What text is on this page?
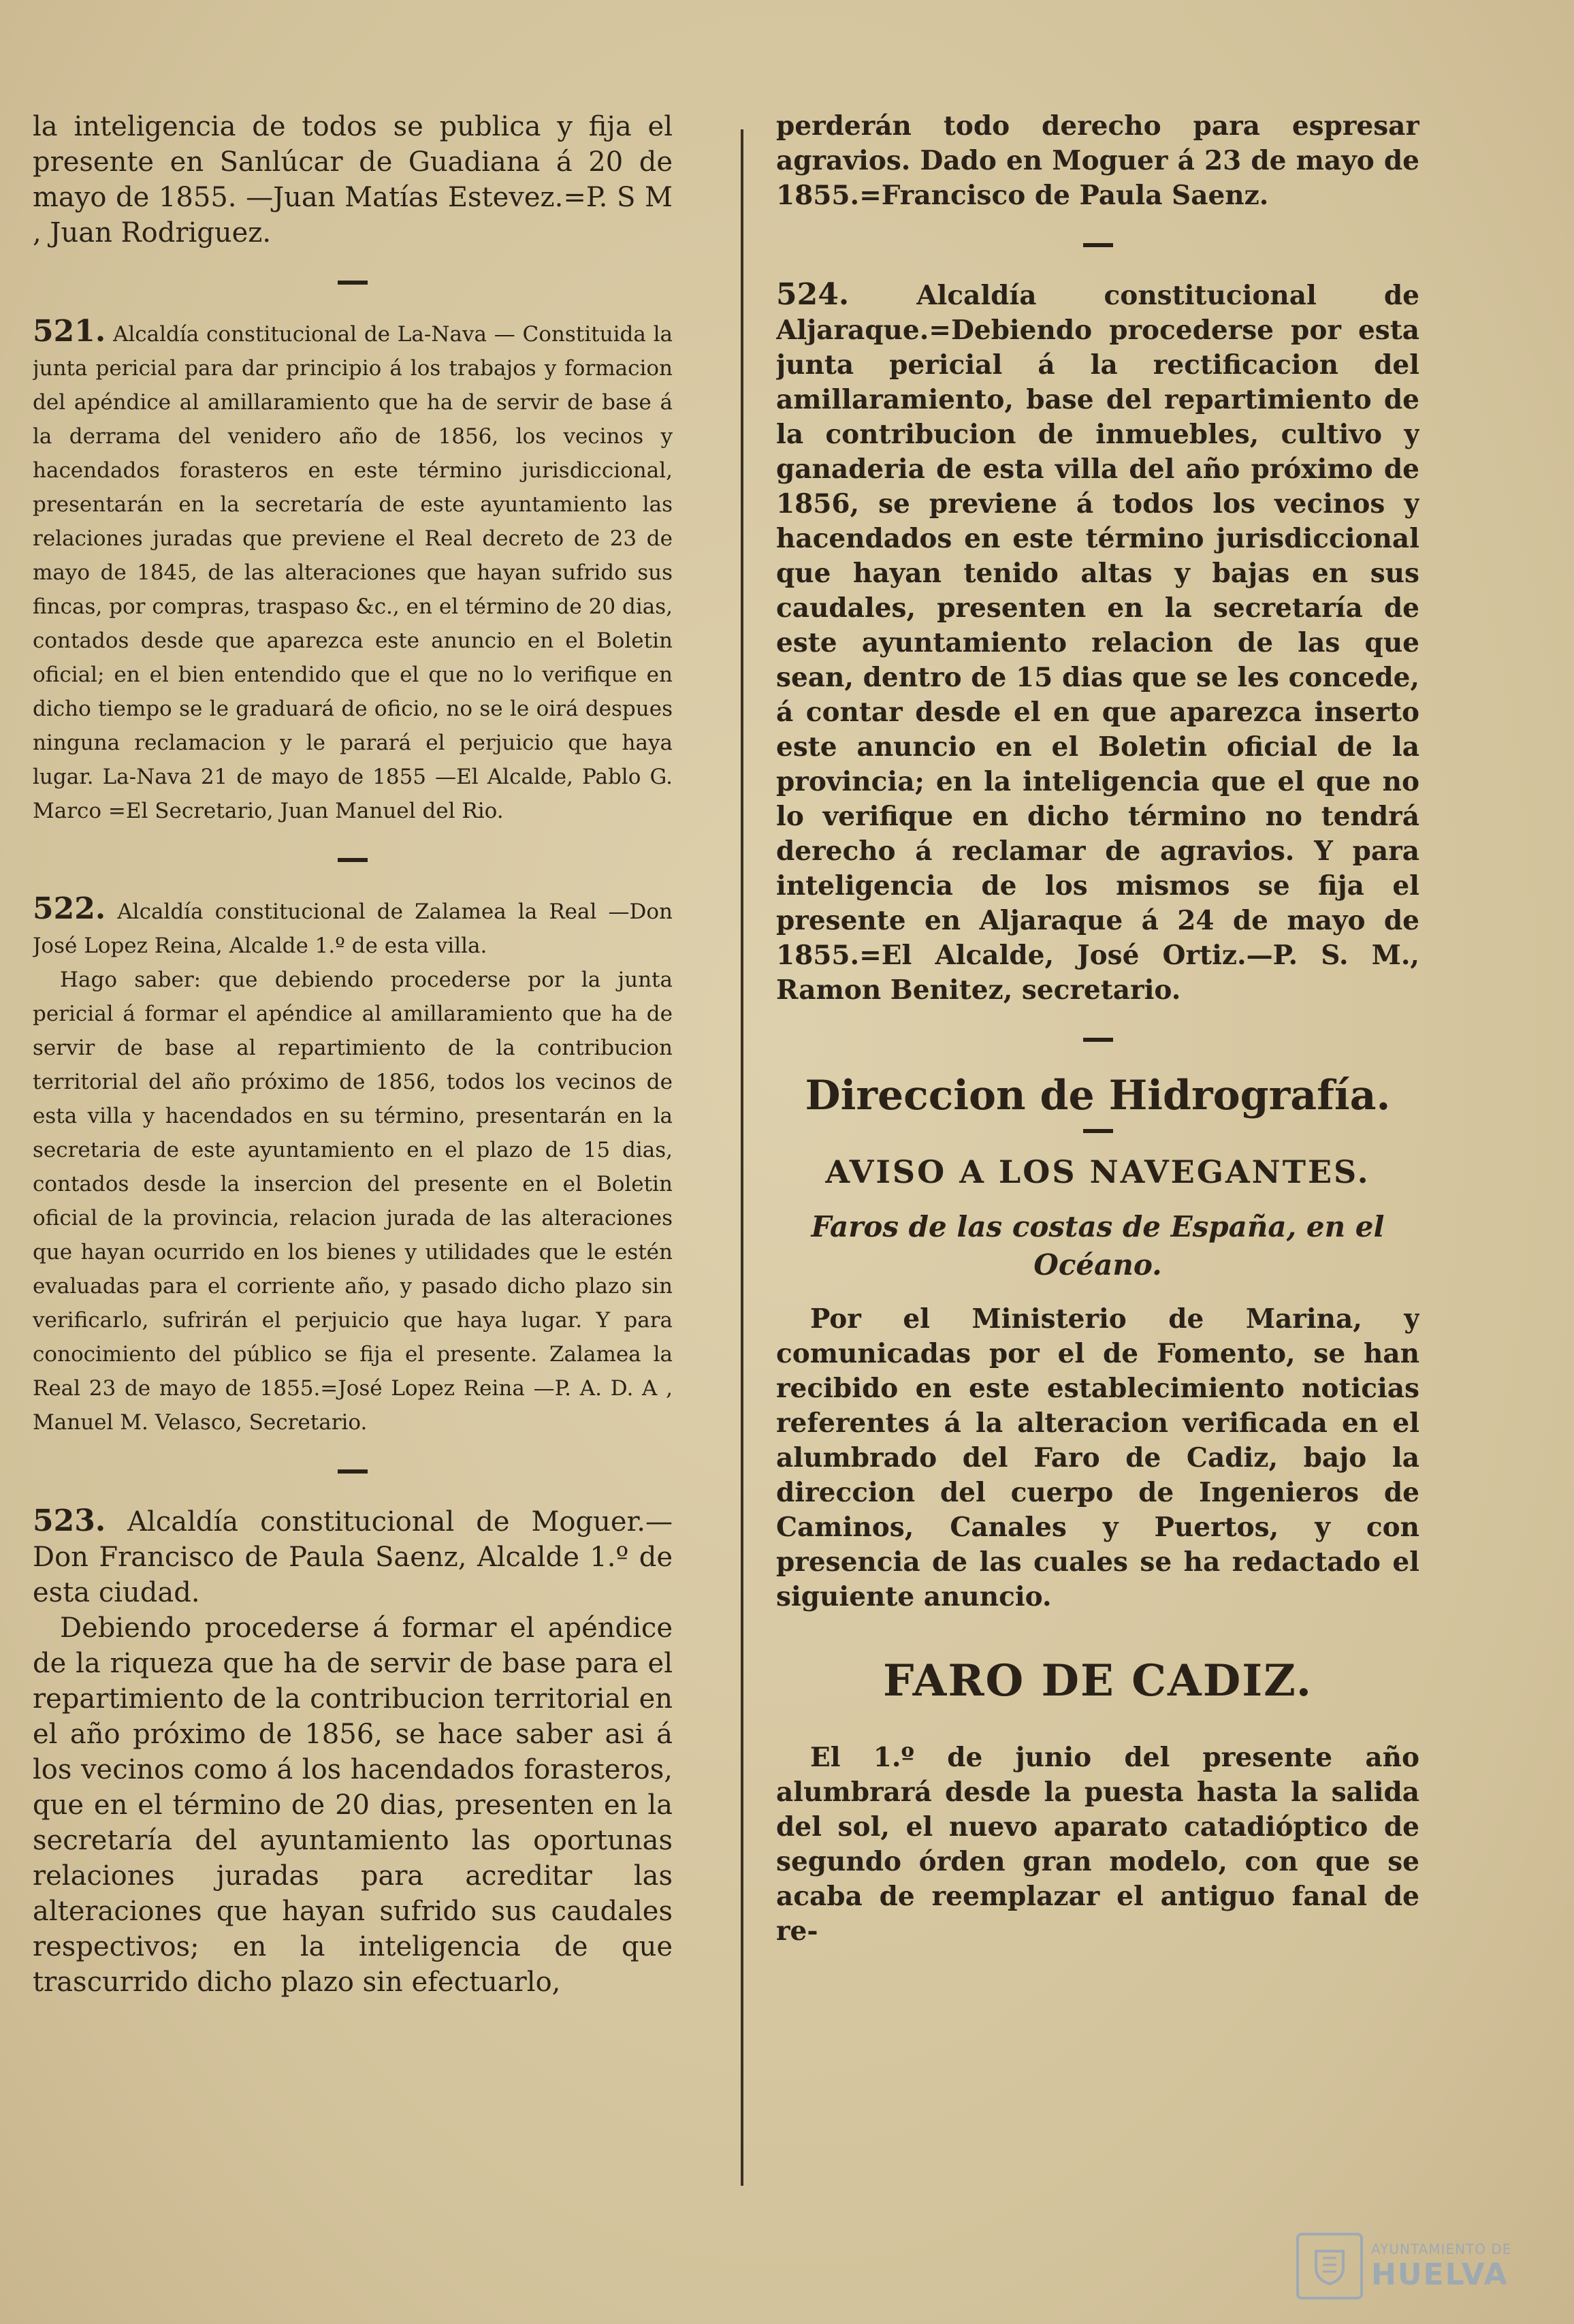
la inteligencia de todos se publica y fija el presente en Sanlúcar de Guadiana á 20 de mayo de 1855. —Juan Matías Estevez.=P. S M , Juan Rodriguez.

521. Alcaldía constitucional de La-Nava — Constituida la junta pericial para dar principio á los trabajos y formacion del apéndice al amillaramiento que ha de servir de base á la derrama del venidero año de 1856, los vecinos y hacendados forasteros en este término jurisdiccional, presentarán en la secretaría de este ayuntamiento las relaciones juradas que previene el Real decreto de 23 de mayo de 1845, de las alteraciones que hayan sufrido sus fincas, por compras, traspaso &c., en el término de 20 dias, contados desde que aparezca este anuncio en el Boletin oficial; en el bien entendido que el que no lo verifique en dicho tiempo se le graduará de oficio, no se le oirá despues ninguna reclamacion y le parará el perjuicio que haya lugar. La-Nava 21 de mayo de 1855 —El Alcalde, Pablo G. Marco =El Secretario, Juan Manuel del Rio.

522. Alcaldía constitucional de Zalamea la Real —Don José Lopez Reina, Alcalde 1.º de esta villa.

Hago saber: que debiendo procederse por la junta pericial á formar el apéndice al amillaramiento que ha de servir de base al repartimiento de la contribucion territorial del año próximo de 1856, todos los vecinos de esta villa y hacendados en su término, presentarán en la secretaria de este ayuntamiento en el plazo de 15 dias, contados desde la insercion del presente en el Boletin oficial de la provincia, relacion jurada de las alteraciones que hayan ocurrido en los bienes y utilidades que le estén evaluadas para el corriente año, y pasado dicho plazo sin verificarlo, sufrirán el perjuicio que haya lugar. Y para conocimiento del público se fija el presente. Zalamea la Real 23 de mayo de 1855.=José Lopez Reina —P. A. D. A , Manuel M. Velasco, Secretario.

523. Alcaldía constitucional de Moguer.—Don Francisco de Paula Saenz, Alcalde 1.º de esta ciudad.

Debiendo procederse á formar el apéndice de la riqueza que ha de servir de base para el repartimiento de la contribucion territorial en el año próximo de 1856, se hace saber asi á los vecinos como á los hacendados forasteros, que en el término de 20 dias, presenten en la secretaría del ayuntamiento las oportunas relaciones juradas para acreditar las alteraciones que hayan sufrido sus caudales respectivos; en la inteligencia de que trascurrido dicho plazo sin efectuarlo,

perderán todo derecho para espresar agravios. Dado en Moguer á 23 de mayo de 1855.=Francisco de Paula Saenz.

524.	Alcaldía constitucional de Aljaraque.=Debiendo procederse por esta junta pericial á la rectificacion del amillaramiento, base del repartimiento de la contribucion de inmuebles, cultivo y ganaderia de esta villa del año próximo de 1856, se previene á todos los vecinos y hacendados en este término jurisdiccional que hayan tenido altas y bajas en sus caudales, presenten en la secretaría de este ayuntamiento relacion de las que sean, dentro de 15 dias que se les concede, á contar desde el en que aparezca inserto este anuncio en el Boletin oficial de la provincia; en la inteligencia que el que no lo verifique en dicho término no tendrá derecho á reclamar de agravios. Y para inteligencia de los mismos se fija el presente en Aljaraque á 24 de mayo de 1855.=El Alcalde, José Ortiz.—P. S. M., Ramon Benitez, secretario.

Direccion de Hidrografía.
AVISO A LOS NAVEGANTES.
Faros de las costas de España, en el Océano.

Por el Ministerio de Marina, y comunicadas por el de Fomento, se han recibido en este establecimiento noticias referentes á la alteracion verificada en el alumbrado del Faro de Cadiz, bajo la direccion del cuerpo de Ingenieros de Caminos, Canales y Puertos, y con presencia de las cuales se ha redactado el siguiente anuncio.

FARO DE CADIZ.

El 1.º de junio del presente año alumbrará desde la puesta hasta la salida del sol, el nuevo aparato catadióptico de segundo órden gran modelo, con que se acaba de reemplazar el antiguo fanal de re-

AYUNTAMIENTO DE
HUELVA
